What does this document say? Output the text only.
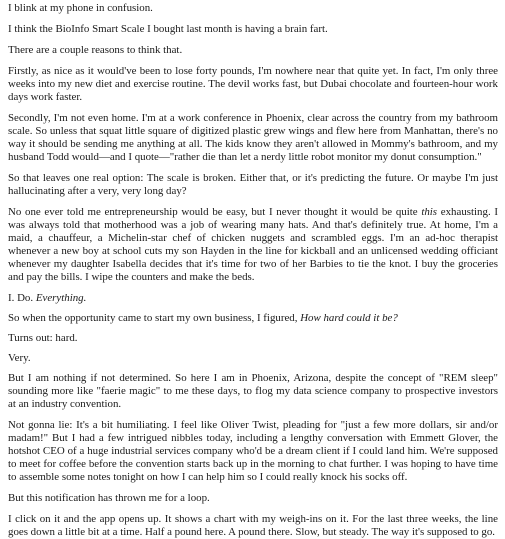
I blink at my phone in confusion.

I think the BioInfo Smart Scale I bought last month is having a brain fart.

There are a couple reasons to think that.

Firstly, as nice as it would've been to lose forty pounds, I'm nowhere near that quite yet. In fact, I'm only three weeks into my new diet and exercise routine. The devil works fast, but Dubai chocolate and fourteen-hour work days work faster.

Secondly, I'm not even home. I'm at a work conference in Phoenix, clear across the country from my bathroom scale. So unless that squat little square of digitized plastic grew wings and flew here from Manhattan, there's no way it should be sending me anything at all. The kids know they aren't allowed in Mommy's bathroom, and my husband Todd would—and I quote—"rather die than let a nerdy little robot monitor my donut consumption."

So that leaves one real option: The scale is broken. Either that, or it's predicting the future. Or maybe I'm just hallucinating after a very, very long day?

No one ever told me entrepreneurship would be easy, but I never thought it would be quite this exhausting. I was always told that motherhood was a job of wearing many hats. And that's definitely true. At home, I'm a maid, a chauffeur, a Michelin-star chef of chicken nuggets and scrambled eggs. I'm an ad-hoc therapist whenever a new boy at school cuts my son Hayden in the line for kickball and an unlicensed wedding officiant whenever my daughter Isabella decides that it's time for two of her Barbies to tie the knot. I buy the groceries and pay the bills. I wipe the counters and make the beds.

I. Do. Everything.

So when the opportunity came to start my own business, I figured, How hard could it be?

Turns out: hard.

Very.

But I am nothing if not determined. So here I am in Phoenix, Arizona, despite the concept of "REM sleep" sounding more like "faerie magic" to me these days, to flog my data science company to prospective investors at an industry convention.

Not gonna lie: It's a bit humiliating. I feel like Oliver Twist, pleading for "just a few more dollars, sir and/or madam!" But I had a few intrigued nibbles today, including a lengthy conversation with Emmett Glover, the hotshot CEO of a huge industrial services company who'd be a dream client if I could land him. We're supposed to meet for coffee before the convention starts back up in the morning to chat further. I was hoping to have time to assemble some notes tonight on how I can help him so I could really knock his socks off.

But this notification has thrown me for a loop.

I click on it and the app opens up. It shows a chart with my weigh-ins on it. For the last three weeks, the line goes down a little bit at a time. Half a pound here. A pound there. Slow, but steady. The way it's supposed to go.
